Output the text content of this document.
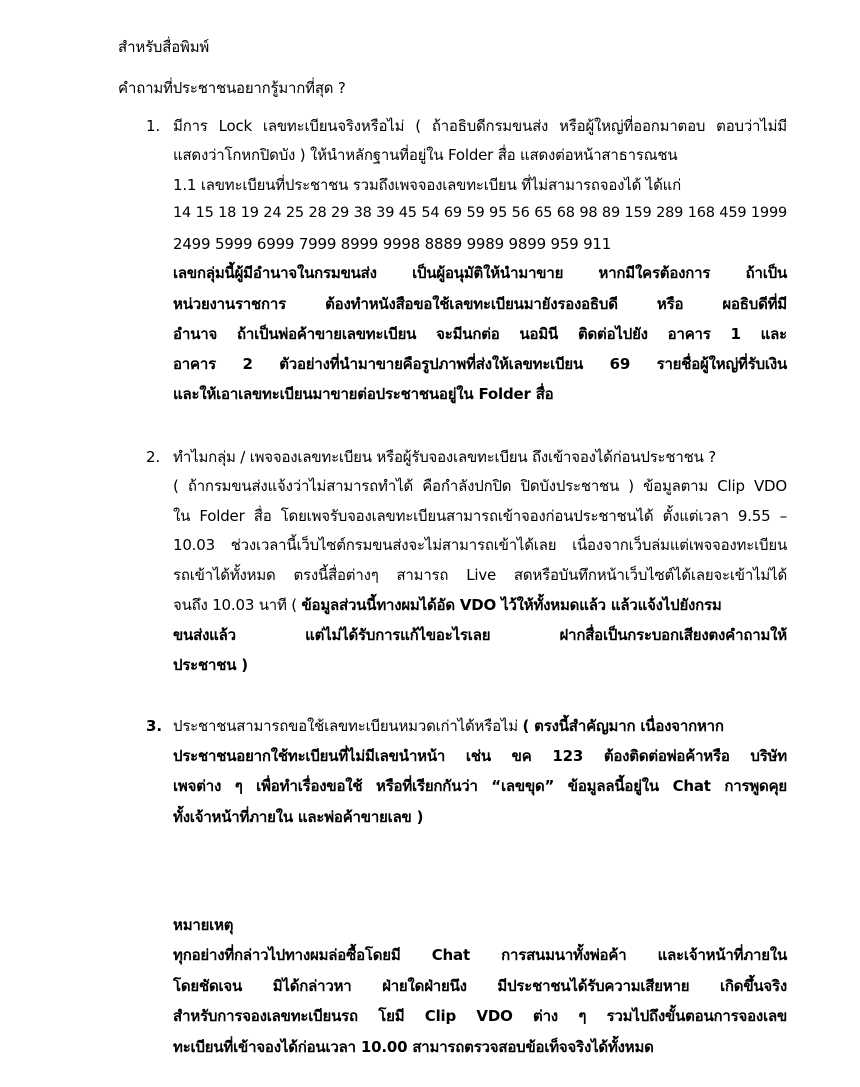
สำหรับสื่อพิมพ์
คำถามที่ประชาชนอยากรู้มากที่สุด ?
1. มีการ Lock เลขทะเบียนจริงหรือไม่ ( ถ้าอธิบดีกรมขนส่ง หรือผู้ใหญ่ที่ออกมาตอบ ตอบว่าไม่มี
แสดงว่าโกหกปิดบัง ) ให้นำหลักฐานที่อยู่ใน Folder สื่อ แสดงต่อหน้าสาธารณชน
1.1 เลขทะเบียนที่ประชาชน รวมถึงเพจจองเลขทะเบียน ที่ไม่สามารถจองได้ ได้แก่
14 15 18 19 24 25 28 29 38 39 45 54 69 59 95 56 65 68 98 89 159 289 168 459 1999
2499 5999 6999 7999 8999 9998 8889 9989 9899 959 911
เลขกลุ่มนี้ผู้มีอำนาจในกรมขนส่ง เป็นผู้อนุมัติให้นำมาขาย หากมีใครต้องการ ถ้าเป็น
หน่วยงานราชการ ต้องทำหนังสือขอใช้เลขทะเบียนมายังรองอธิบดี หรือ ผอธิบดีที่มี
อำนาจ ถ้าเป็นพ่อค้าขายเลขทะเบียน จะมีนกต่อ นอมินี ติดต่อไปยัง อาคาร 1 และ
อาคาร 2 ตัวอย่างที่นำมาขายคือรูปภาพที่ส่งให้เลขทะเบียน 69 รายชื่อผู้ใหญ่ที่รับเงิน
และให้เอาเลขทะเบียนมาขายต่อประชาชนอยู่ใน Folder สื่อ
2. ทำไมกลุ่ม / เพจจองเลขทะเบียน หรือผู้รับจองเลขทะเบียน ถึงเข้าจองได้ก่อนประชาชน ?
( ถ้ากรมขนส่งแจ้งว่าไม่สามารถทำได้ คือกำลังปกปิด ปิดบังประชาชน ) ข้อมูลตาม Clip VDO
ใน Folder สื่อ โดยเพจรับจองเลขทะเบียนสามารถเข้าจองก่อนประชาชนได้ ตั้งแต่เวลา 9.55 –
10.03 ช่วงเวลานี้เว็บไซต์กรมขนส่งจะไม่สามารถเข้าได้เลย เนื่องจากเว็บล่มแต่เพจจองทะเบียน
รถเข้าได้ทั้งหมด ตรงนี้สื่อต่างๆ สามารถ Live สดหรือบันทึกหน้าเว็บไซต์ได้เลยจะเข้าไม่ได้
จนถึง 10.03 นาที ( ข้อมูลส่วนนี้ทางผมได้อัด VDO ไว้ให้ทั้งหมดแล้ว แล้วแจ้งไปยังกรม
ขนส่งแล้ว แต่ไม่ได้รับการแก้ไขอะไรเลย ฝากสื่อเป็นกระบอกเสียงตงคำถามให้
ประชาชน )
3. ประชาชนสามารถขอใช้เลขทะเบียนหมวดเก่าได้หรือไม่ ( ตรงนี้สำคัญมาก เนื่องจากหาก
ประชาชนอยากใช้ทะเบียนที่ไม่มีเลขนำหน้า เช่น ขค 123 ต้องติดต่อพ่อค้าหรือ บริษัท
เพจต่าง ๆ เพื่อทำเรื่องขอใช้ หรือที่เรียกกันว่า “เลขขุด” ข้อมูลลนี้อยู่ใน Chat การพูดคุย
ทั้งเจ้าหน้าที่ภายใน และพ่อค้าขายเลข )
หมายเหตุ
ทุกอย่างที่กล่าวไปทางผมล่อซื้อโดยมี Chat การสนมนาทั้งพ่อค้า และเจ้าหน้าที่ภายใน
โดยชัดเจน มิได้กล่าวหา ฝ่ายใดฝ่ายนึง มีประชาชนได้รับความเสียหาย เกิดขึ้นจริง
สำหรับการจองเลขทะเบียนรถ โยมี Clip VDO ต่าง ๆ รวมไปถึงขั้นตอนการจองเลข
ทะเบียนที่เข้าจองได้ก่อนเวลา 10.00 สามารถตรวจสอบข้อเท็จจริงได้ทั้งหมด
